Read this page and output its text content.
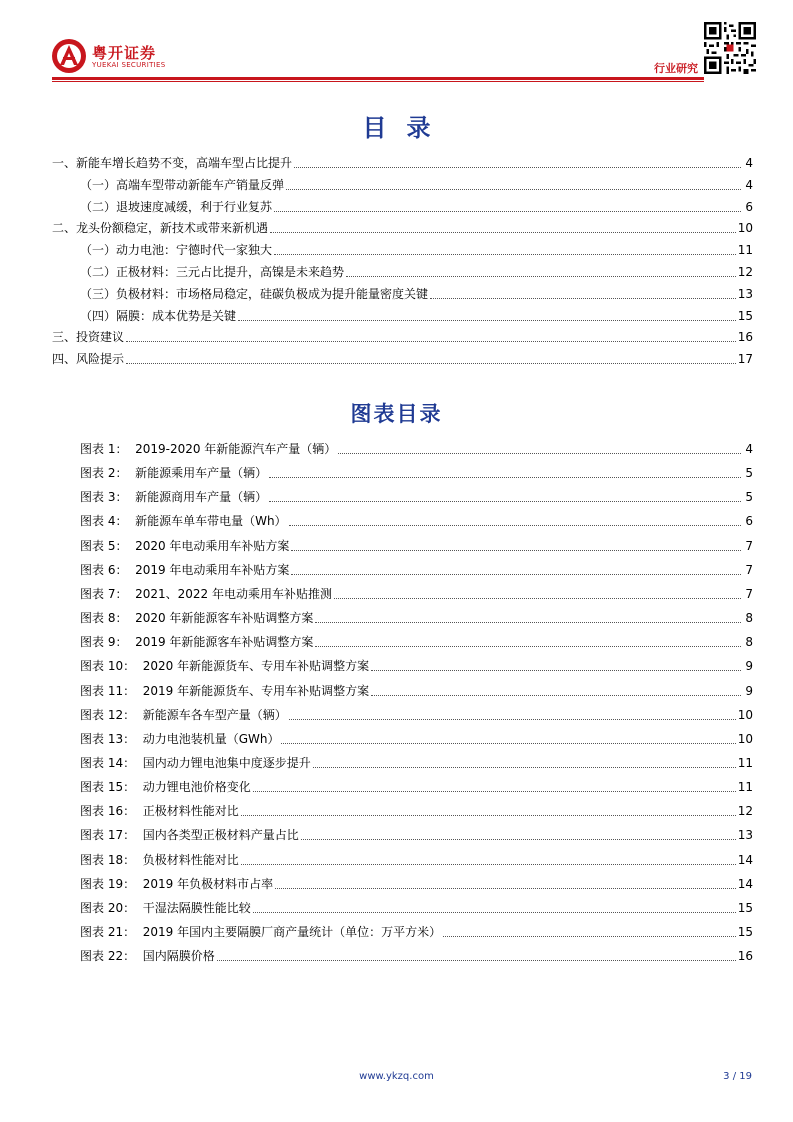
粤开证券
YUEKAI SECURITIES	行业研究
目录
一、新能车增长趋势不变，高端车型占比提升	4
（一）高端车型带动新能车产销量反弹	4
（二）退坡速度减缓，利于行业复苏	6
二、龙头份额稳定，新技术或带来新机遇	10
（一）动力电池：宁德时代一家独大	11
（二）正极材料：三元占比提升，高镍是未来趋势	12
（三）负极材料：市场格局稳定，硅碳负极成为提升能量密度关键	13
（四）隔膜：成本优势是关键	15
三、投资建议	16
四、风险提示	17
图表目录
图表 1：  2019-2020 年新能源汽车产量（辆）	4
图表 2：  新能源乘用车产量（辆）	5
图表 3：  新能源商用车产量（辆）	5
图表 4：  新能源车单车带电量（Wh）	6
图表 5：  2020 年电动乘用车补贴方案	7
图表 6：  2019 年电动乘用车补贴方案	7
图表 7：  2021、2022 年电动乘用车补贴推测	7
图表 8：  2020 年新能源客车补贴调整方案	8
图表 9：  2019 年新能源客车补贴调整方案	8
图表 10：  2020 年新能源货车、专用车补贴调整方案	9
图表 11：  2019 年新能源货车、专用车补贴调整方案	9
图表 12：  新能源车各车型产量（辆）	10
图表 13：  动力电池装机量（GWh）	10
图表 14：  国内动力锂电池集中度逐步提升	11
图表 15：  动力锂电池价格变化	11
图表 16：  正极材料性能对比	12
图表 17：  国内各类型正极材料产量占比	13
图表 18：  负极材料性能对比	14
图表 19：  2019 年负极材料市占率	14
图表 20：  干湿法隔膜性能比较	15
图表 21：  2019 年国内主要隔膜厂商产量统计（单位：万平方米）	15
图表 22：  国内隔膜价格	16
www.ykzq.com	3 / 19
